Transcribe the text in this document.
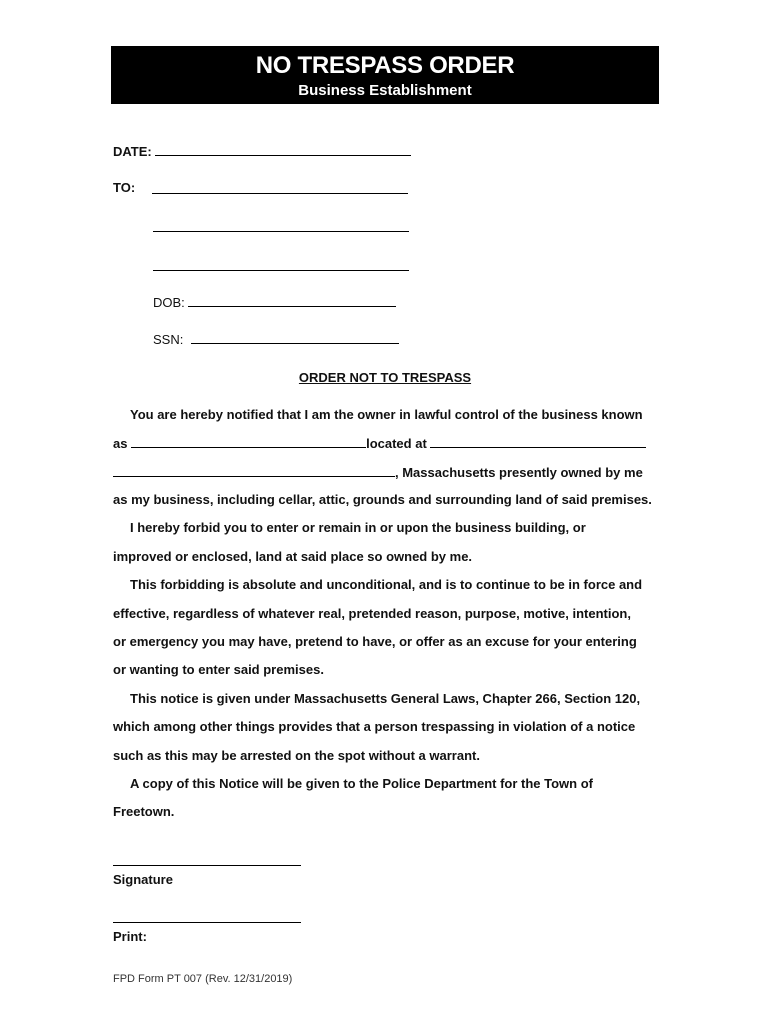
NO TRESPASS ORDER
Business Establishment
DATE:
TO:
DOB:
SSN:
ORDER NOT TO TRESPASS
You are hereby notified that I am the owner in lawful control of the business known
as	located at
, Massachusetts presently owned by me
as my business, including cellar, attic, grounds and surrounding land of said premises.
I hereby forbid you to enter or remain in or upon the business building, or
improved or enclosed, land at said place so owned by me.
This forbidding is absolute and unconditional, and is to continue to be in force and
effective, regardless of whatever real, pretended reason, purpose, motive, intention,
or emergency you may have, pretend to have, or offer as an excuse for your entering
or wanting to enter said premises.
This notice is given under Massachusetts General Laws, Chapter 266, Section 120,
which among other things provides that a person trespassing in violation of a notice
such as this may be arrested on the spot without a warrant.
A copy of this Notice will be given to the Police Department for the Town of
Freetown.
Signature
Print:
FPD Form PT 007 (Rev. 12/31/2019)
